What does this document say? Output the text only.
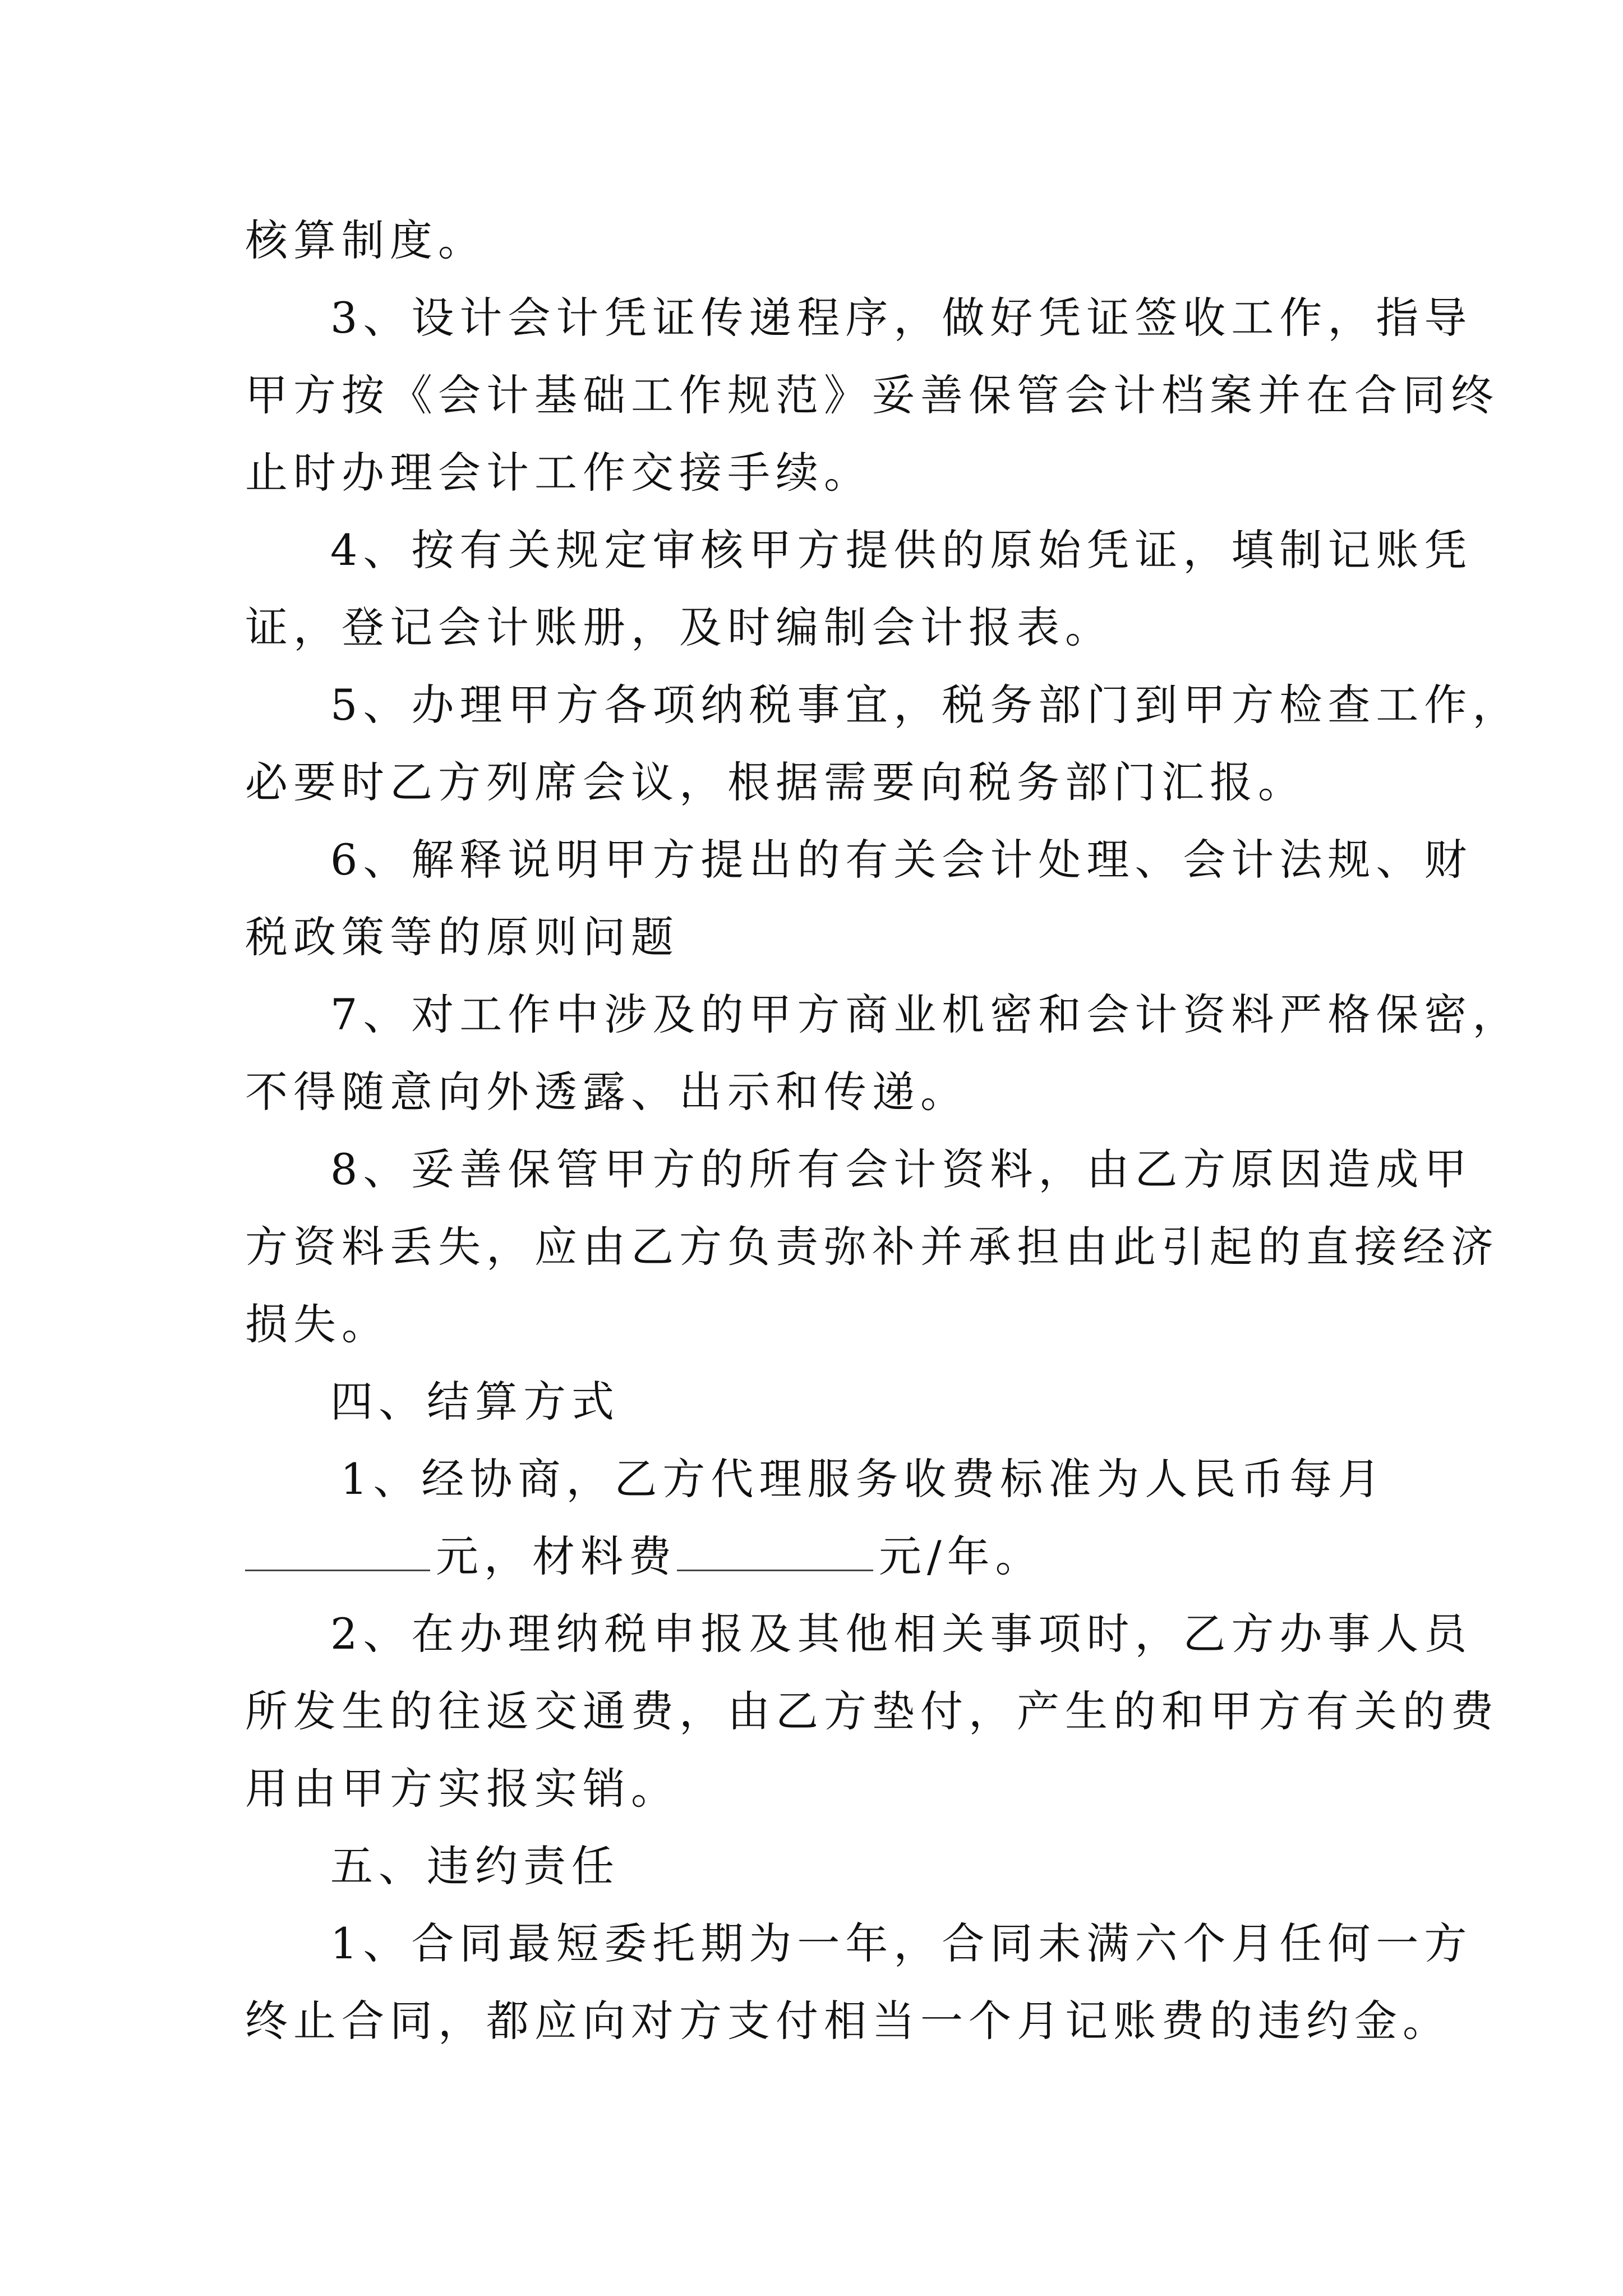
核算制度。

3、设计会计凭证传递程序，做好凭证签收工作，指导
甲方按《会计基础工作规范》妥善保管会计档案并在合同终
止时办理会计工作交接手续。

4、按有关规定审核甲方提供的原始凭证，填制记账凭
证，登记会计账册，及时编制会计报表。

5、办理甲方各项纳税事宜，税务部门到甲方检查工作，
必要时乙方列席会议，根据需要向税务部门汇报。

6、解释说明甲方提出的有关会计处理、会计法规、财
税政策等的原则问题

7、对工作中涉及的甲方商业机密和会计资料严格保密，
不得随意向外透露、出示和传递。

8、妥善保管甲方的所有会计资料，由乙方原因造成甲
方资料丢失，应由乙方负责弥补并承担由此引起的直接经济
损失。

四、结算方式

1、经协商，乙方代理服务收费标准为人民币每月
元，材料费	元/年。

2、在办理纳税申报及其他相关事项时，乙方办事人员
所发生的往返交通费，由乙方垫付，产生的和甲方有关的费
用由甲方实报实销。

五、违约责任

1、合同最短委托期为一年，合同未满六个月任何一方
终止合同，都应向对方支付相当一个月记账费的违约金。
